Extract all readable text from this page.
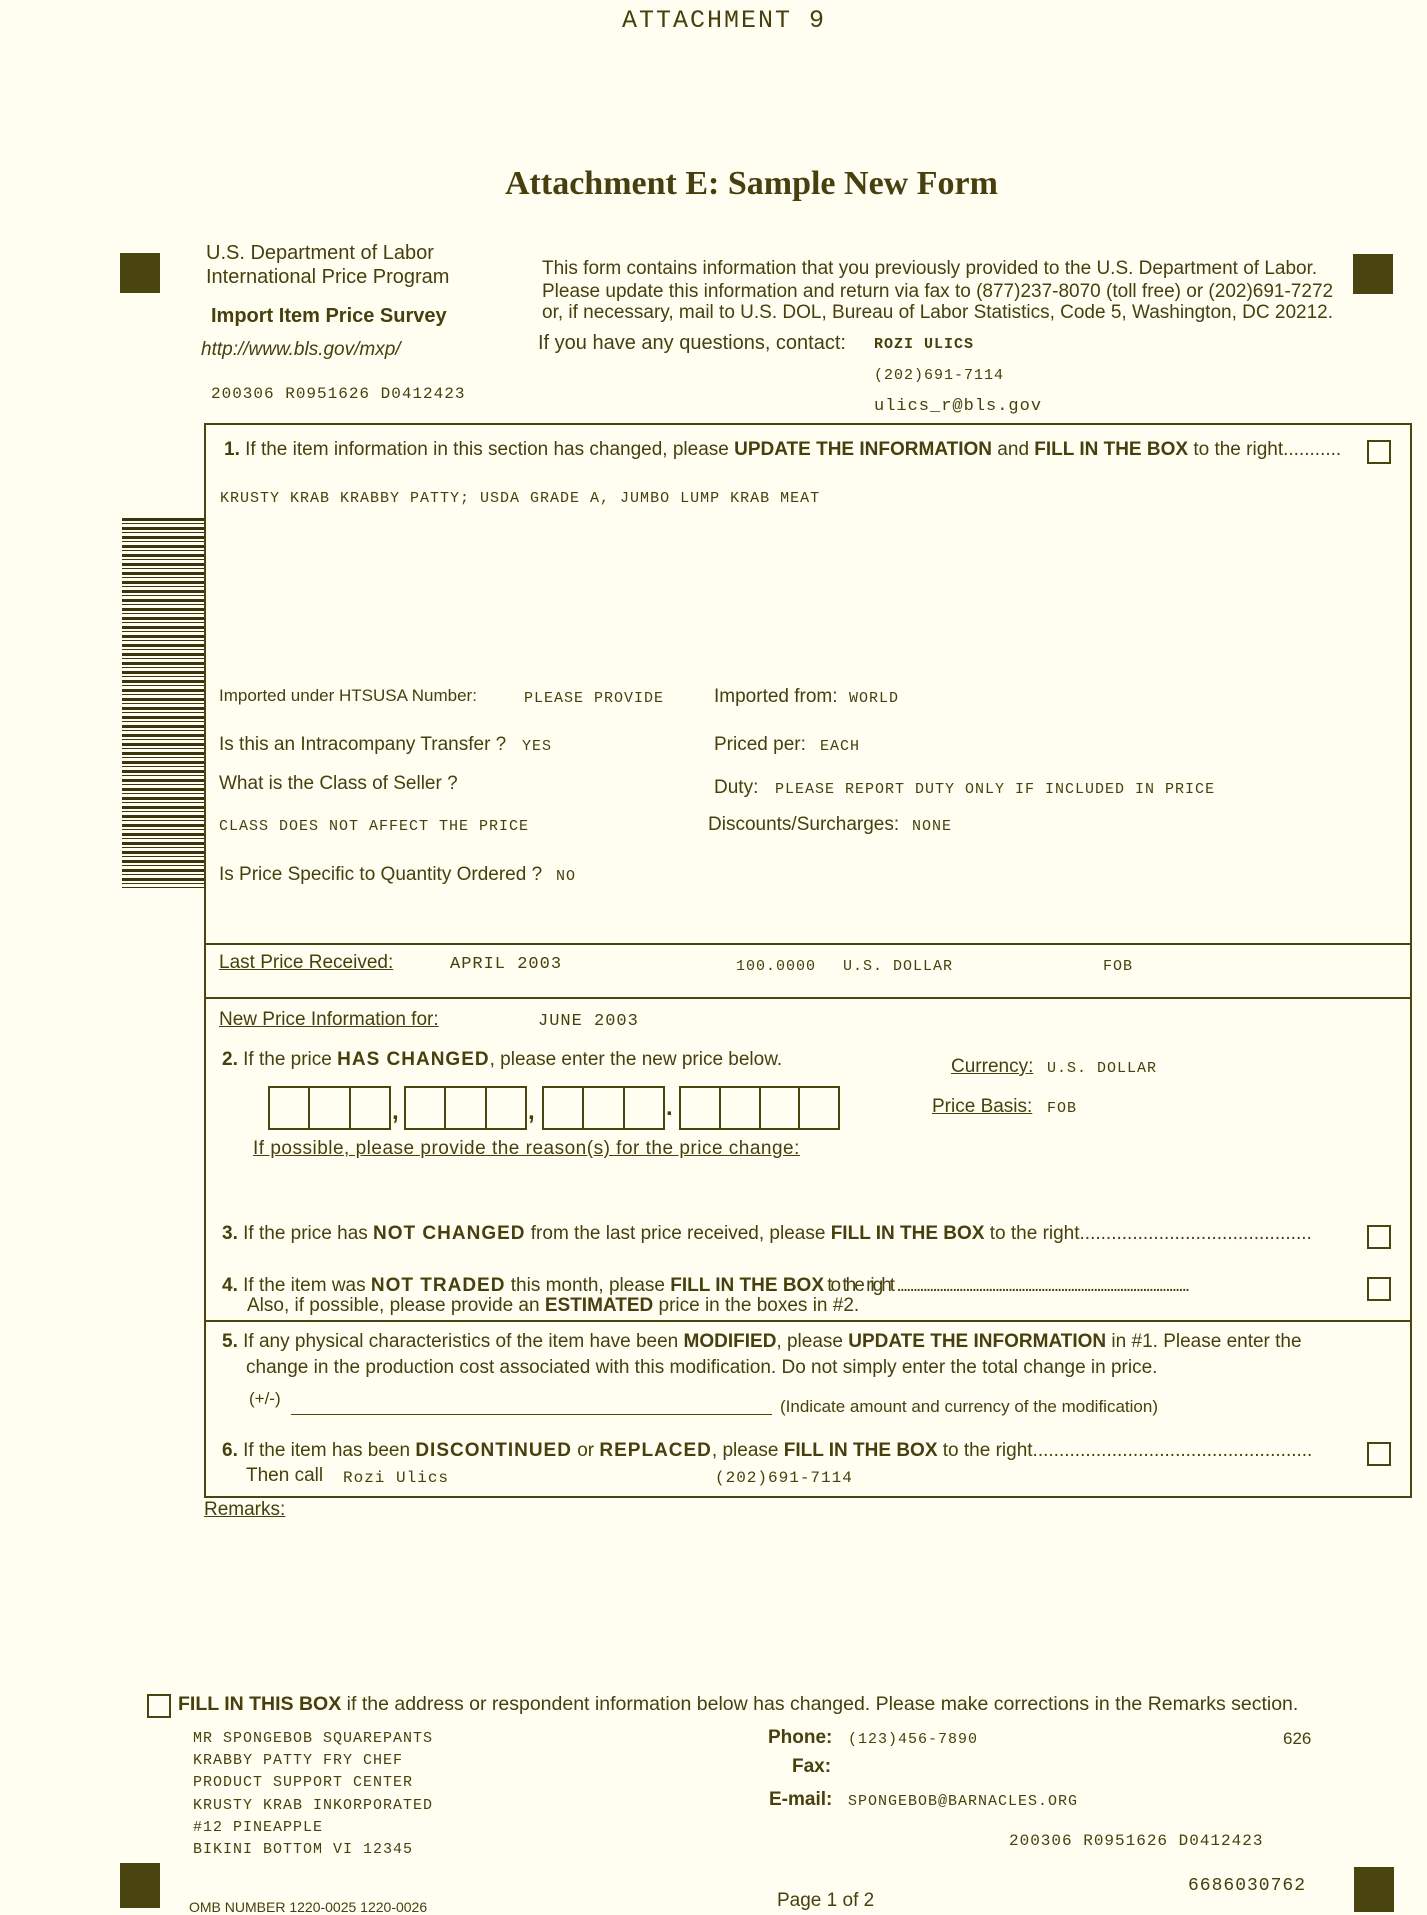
ATTACHMENT 9
Attachment E: Sample New Form
U.S. Department of Labor
International Price Program
Import Item Price Survey
http://www.bls.gov/mxp/
200306 R0951626 D0412423
This form contains information that you previously provided to the U.S. Department of Labor.
Please update this information and return via fax to (877)237-8070 (toll free) or (202)691-7272
or, if necessary, mail to U.S. DOL, Bureau of Labor Statistics, Code 5, Washington, DC 20212.
If you have any questions, contact: ROZI ULICS
(202)691-7114
ulics_r@bls.gov
1. If the item information in this section has changed, please UPDATE THE INFORMATION and FILL IN THE BOX to the right...........
KRUSTY KRAB KRABBY PATTY; USDA GRADE A, JUMBO LUMP KRAB MEAT
Imported under HTSUSA Number:	PLEASE PROVIDE	Imported from: WORLD
Is this an Intracompany Transfer ? YES	Priced per: EACH
What is the Class of Seller ?	Duty: PLEASE REPORT DUTY ONLY IF INCLUDED IN PRICE
CLASS DOES NOT AFFECT THE PRICE	Discounts/Surcharges: NONE
Is Price Specific to Quantity Ordered ? NO
Last Price Received:	APRIL 2003	100.0000 U.S. DOLLAR	FOB
New Price Information for:	JUNE 2003
2. If the price HAS CHANGED, please enter the new price below.	Currency: U.S. DOLLAR
Price Basis: FOB
,	,	.
If possible, please provide the reason(s) for the price change:
3. If the price has NOT CHANGED from the last price received, please FILL IN THE BOX to the right............................................
4. If the item was NOT TRADED this month, please FILL IN THE BOX to the right .........................................................................................
Also, if possible, please provide an ESTIMATED price in the boxes in #2.
5. If any physical characteristics of the item have been MODIFIED, please UPDATE THE INFORMATION in #1. Please enter the
change in the production cost associated with this modification. Do not simply enter the total change in price.
(+/-)	(Indicate amount and currency of the modification)
6. If the item has been DISCONTINUED or REPLACED, please FILL IN THE BOX to the right.....................................................
Then call Rozi Ulics	(202)691-7114
Remarks:
FILL IN THIS BOX if the address or respondent information below has changed. Please make corrections in the Remarks section.
MR SPONGEBOB SQUAREPANTS
KRABBY PATTY FRY CHEF
PRODUCT SUPPORT CENTER
KRUSTY KRAB INKORPORATED
#12 PINEAPPLE
BIKINI BOTTOM VI 12345
Phone: (123)456-7890	626
Fax:
E-mail: SPONGEBOB@BARNACLES.ORG
200306 R0951626 D0412423
6686030762
Page 1 of 2
OMB NUMBER 1220-0025 1220-0026
